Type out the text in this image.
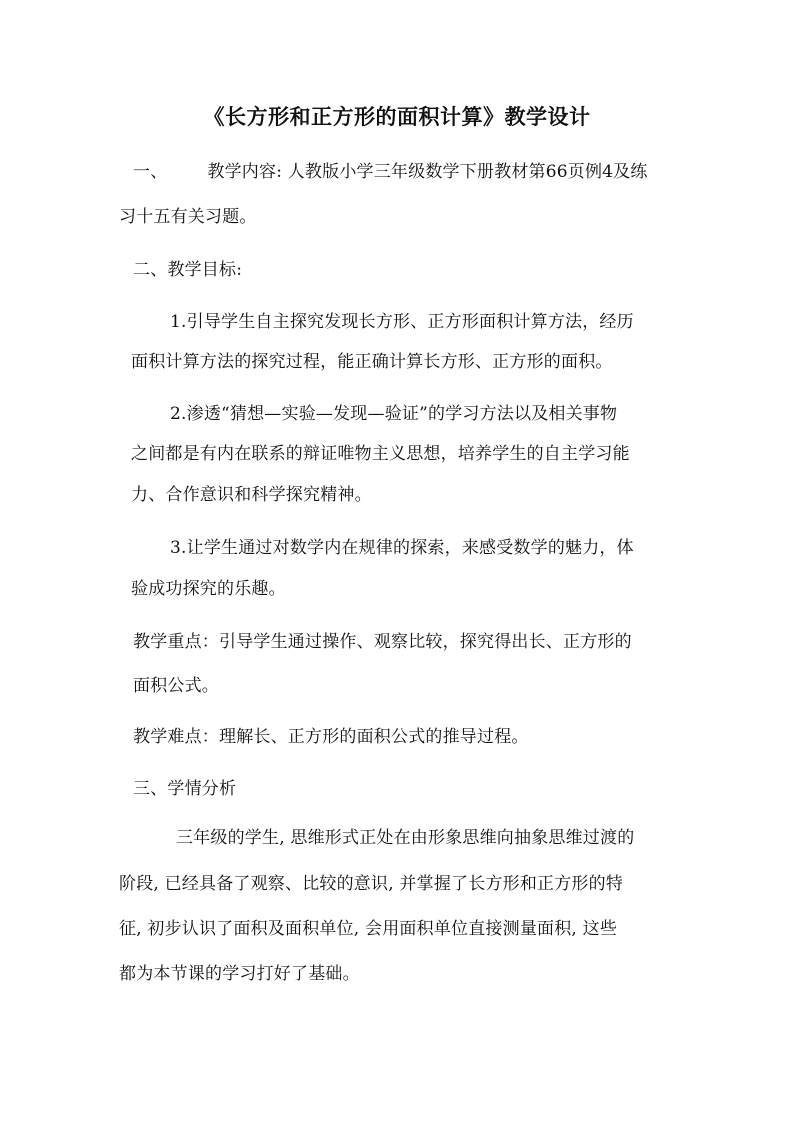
《长方形和正方形的面积计算》教学设计
一、 教学内容: 人教版小学三年级数学下册教材第66页例4及练
习十五有关习题。
二、教学目标:
1.引导学生自主探究发现长方形、正方形面积计算方法，经历
面积计算方法的探究过程，能正确计算长方形、正方形的面积。
2.渗透“猜想—实验—发现—验证”的学习方法以及相关事物
之间都是有内在联系的辩证唯物主义思想，培养学生的自主学习能
力、合作意识和科学探究精神。
3.让学生通过对数学内在规律的探索，来感受数学的魅力，体
验成功探究的乐趣。
教学重点：引导学生通过操作、观察比较，探究得出长、正方形的
面积公式。
教学难点：理解长、正方形的面积公式的推导过程。
三、学情分析
三年级的学生, 思维形式正处在由形象思维向抽象思维过渡的
阶段, 已经具备了观察、比较的意识, 并掌握了长方形和正方形的特
征, 初步认识了面积及面积单位, 会用面积单位直接测量面积, 这些
都为本节课的学习打好了基础。
